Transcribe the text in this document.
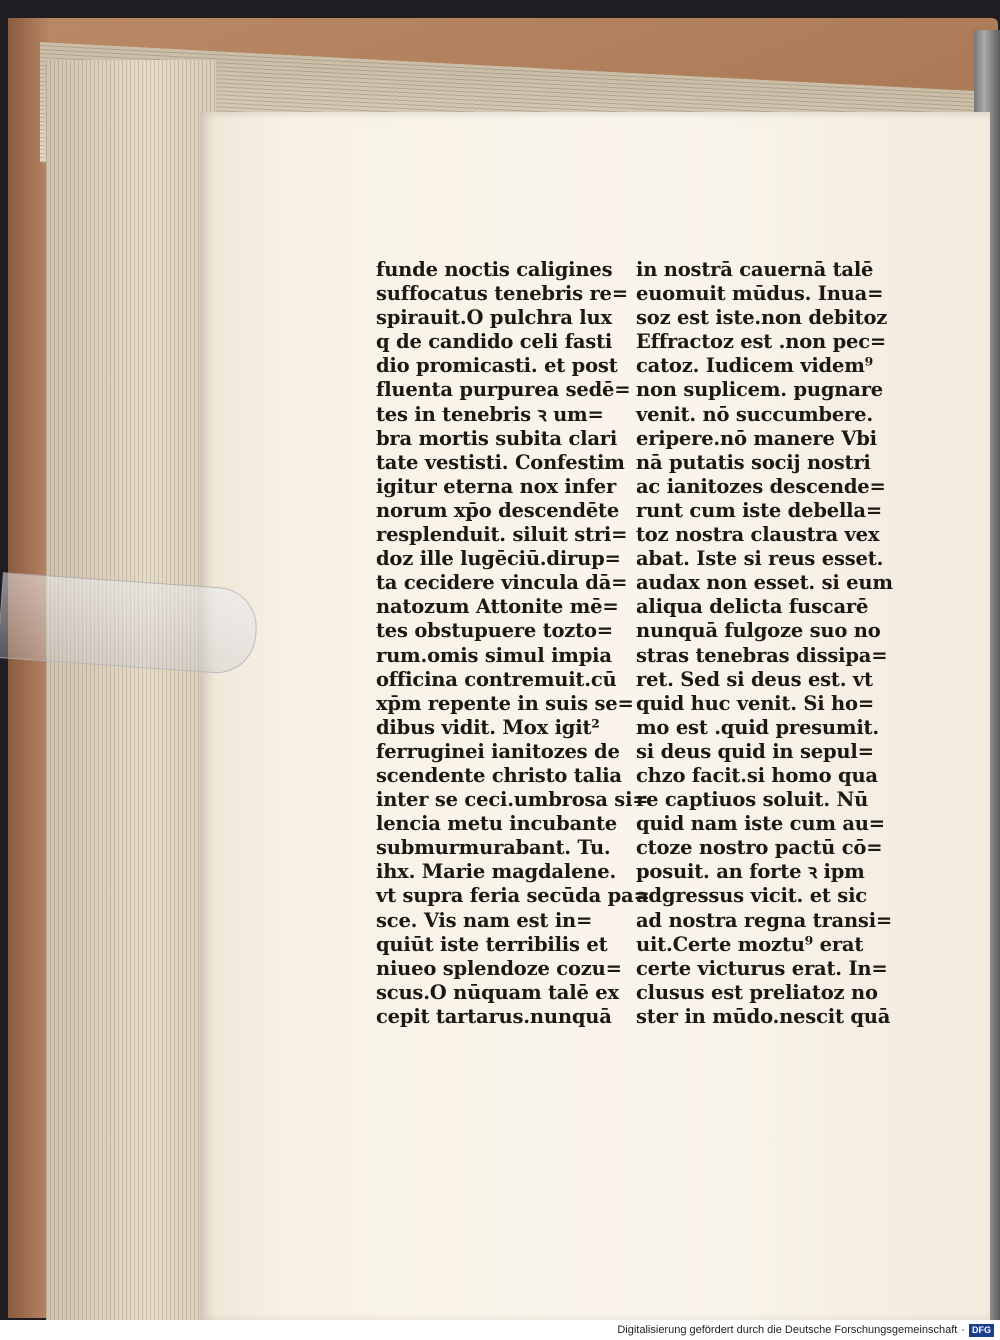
funde noctis caligines
suffocatus tenebris re=
spirauit.O pulchra lux
q de candido celi fasti
dio promicasti. et post
fluenta purpurea sedē=
tes in tenebris ꝛ um=
bra mortis subita clari
tate vestisti. Confestim
igitur eterna nox infer
norum xp̄o descendēte
resplenduit. siluit stri=
doz ille lugēciū.dirup=
ta cecidere vincula dā=
natozum Attonite mē=
tes obstupuere tozto=
rum.omis simul impia
officina contremuit.cū
xp̄m repente in suis se=
dibus vidit. Mox igit²
ferruginei ianitozes de
scendente christo talia
inter se ceci.umbrosa si=
lencia metu incubante
submurmurabant. Tu.
ihx. Marie magdalene.
vt supra feria secūda pa=
sce. Vis nam est in=
quiūt iste terribilis et
niueo splendoze cozu=
scus.O nūquam talē ex
cepit tartarus.nunquā
in nostrā cauernā talē
euomuit mūdus. Inua=
soz est iste.non debitoz
Effractoz est .non pec=
catoz. Iudicem videm⁹
non suplicem. pugnare
venit. nō succumbere.
eripere.nō manere Vbi
nā putatis socij nostri
ac ianitozes descende=
runt cum iste debella=
toz nostra claustra vex
abat. Iste si reus esset.
audax non esset. si eum
aliqua delicta fuscarē
nunquā fulgoze suo no
stras tenebras dissipa=
ret. Sed si deus est. vt
quid huc venit. Si ho=
mo est .quid presumit.
si deus quid in sepul=
chzo facit.si homo qua
re captiuos soluit. Nū
quid nam iste cum au=
ctoze nostro pactū cō=
posuit. an forte ꝛ ipm
adgressus vicit. et sic
ad nostra regna transi=
uit.Certe moztu⁹ erat
certe victurus erat. In=
clusus est preliatoz no
ster in mūdo.nescit quā
Digitalisierung gefördert durch die Deutsche Forschungsgemeinschaft · DFG
